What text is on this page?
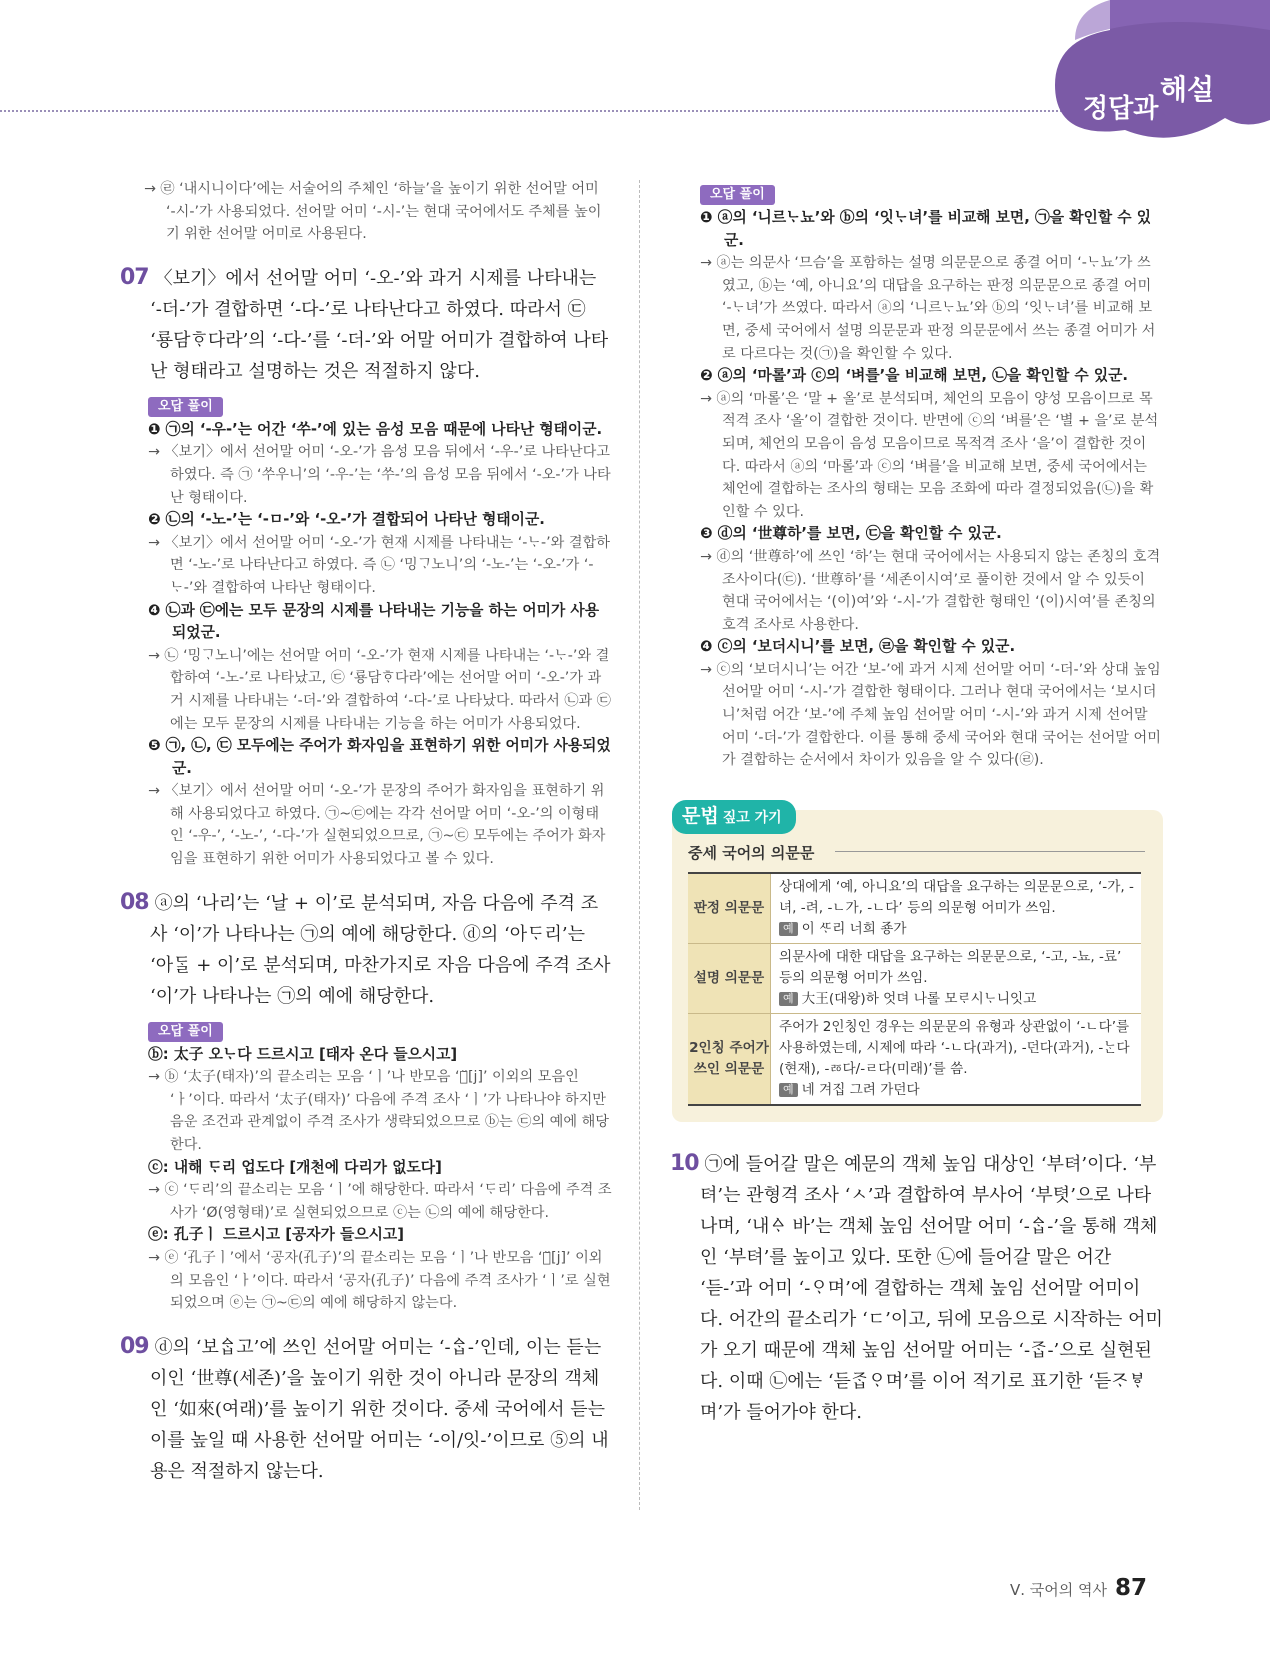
정답과
해설

→ ㉣ ‘내시니이다’에는 서술어의 주체인 ‘하늘’을 높이기 위한 선어말 어미 ‘-시-’가 사용되었다. 선어말 어미 ‘-시-’는 현대 국어에서도 주체를 높이기 위한 선어말 어미로 사용된다.

07 〈보기〉에서 선어말 어미 ‘-오-’와 과거 시제를 나타내는 ‘-더-’가 결합하면 ‘-다-’로 나타난다고 하였다. 따라서 ㉢ ‘룡담ᄒᆞ다라’의 ‘-다-’를 ‘-더-’와 어말 어미가 결합하여 나타난 형태라고 설명하는 것은 적절하지 않다.

오답 풀이

❶ ㉠의 ‘-우-’는 어간 ‘쑤-’에 있는 음성 모음 때문에 나타난 형태이군.

→ 〈보기〉에서 선어말 어미 ‘-오-’가 음성 모음 뒤에서 ‘-우-’로 나타난다고 하였다. 즉 ㉠ ‘쑤우니’의 ‘-우-’는 ‘쑤-’의 음성 모음 뒤에서 ‘-오-’가 나타난 형태이다.

❷ ㉡의 ‘-노-’는 ‘-ㅁ-’와 ‘-오-’가 결합되어 나타난 형태이군.

→ 〈보기〉에서 선어말 어미 ‘-오-’가 현재 시제를 나타내는 ‘-ᄂᆞ-’와 결합하면 ‘-노-’로 나타난다고 하였다. 즉 ㉡ ‘밍ᄀᆞ노니’의 ‘-노-’는 ‘-오-’가 ‘-ᄂᆞ-’와 결합하여 나타난 형태이다.

❹ ㉡과 ㉢에는 모두 문장의 시제를 나타내는 기능을 하는 어미가 사용되었군.

→ ㉡ ‘밍ᄀᆞ노니’에는 선어말 어미 ‘-오-’가 현재 시제를 나타내는 ‘-ᄂᆞ-’와 결합하여 ‘-노-’로 나타났고, ㉢ ‘룡담ᄒᆞ다라’에는 선어말 어미 ‘-오-’가 과거 시제를 나타내는 ‘-더-’와 결합하여 ‘-다-’로 나타났다. 따라서 ㉡과 ㉢에는 모두 문장의 시제를 나타내는 기능을 하는 어미가 사용되었다.

❺ ㉠, ㉡, ㉢ 모두에는 주어가 화자임을 표현하기 위한 어미가 사용되었군.

→ 〈보기〉에서 선어말 어미 ‘-오-’가 문장의 주어가 화자임을 표현하기 위해 사용되었다고 하였다. ㉠~㉢에는 각각 선어말 어미 ‘-오-’의 이형태인 ‘-우-’, ‘-노-’, ‘-다-’가 실현되었으므로, ㉠~㉢ 모두에는 주어가 화자임을 표현하기 위한 어미가 사용되었다고 볼 수 있다.

08 ⓐ의 ‘나리’는 ‘날 + 이’로 분석되며, 자음 다음에 주격 조사 ‘이’가 나타나는 ㉠의 예에 해당한다. ⓓ의 ‘아ᄃᆞ리’는 ‘아ᄃᆞᆯ + 이’로 분석되며, 마찬가지로 자음 다음에 주격 조사 ‘이’가 나타나는 ㉠의 예에 해당한다.

오답 풀이

ⓑ: 太子 오ᄂᆞ다 드르시고 [태자 온다 들으시고]

→ ⓑ ‘太子(태자)’의 끝소리는 모음 ‘ㅣ’나 반모음 ‘ㅣ̆[j]’ 이외의 모음인 ‘ㅏ’이다. 따라서 ‘太子(태자)’ 다음에 주격 조사 ‘ㅣ’가 나타나야 하지만 음운 조건과 관계없이 주격 조사가 생략되었으므로 ⓑ는 ㉢의 예에 해당한다.

ⓒ: 내해 ᄃᆞ리 업도다 [개천에 다리가 없도다]

→ ⓒ ‘ᄃᆞ리’의 끝소리는 모음 ‘ㅣ’에 해당한다. 따라서 ‘ᄃᆞ리’ 다음에 주격 조사가 ‘Ø(영형태)’로 실현되었으므로 ⓒ는 ㉡의 예에 해당한다.

ⓔ: 孔子ㅣ 드르시고 [공자가 들으시고]

→ ⓔ ‘孔子ㅣ’에서 ‘공자(孔子)’의 끝소리는 모음 ‘ㅣ’나 반모음 ‘ㅣ̆[j]’ 이외의 모음인 ‘ㅏ’이다. 따라서 ‘공자(孔子)’ 다음에 주격 조사가 ‘ㅣ’로 실현되었으며 ⓔ는 ㉠~㉢의 예에 해당하지 않는다.

09 ⓓ의 ‘보ᅀᆞᆸ고’에 쓰인 선어말 어미는 ‘-ᅀᆞᆸ-’인데, 이는 듣는 이인 ‘世尊(세존)’을 높이기 위한 것이 아니라 문장의 객체인 ‘如來(여래)’를 높이기 위한 것이다. 중세 국어에서 듣는 이를 높일 때 사용한 선어말 어미는 ‘-이/잇-’이므로 ⑤의 내용은 적절하지 않는다.

오답 풀이

❶ ⓐ의 ‘니르ᄂᆞ뇨’와 ⓑ의 ‘잇ᄂᆞ녀’를 비교해 보면, ㉠을 확인할 수 있군.

→ ⓐ는 의문사 ‘므슴’을 포함하는 설명 의문문으로 종결 어미 ‘-ᄂᆞ뇨’가 쓰였고, ⓑ는 ‘예, 아니요’의 대답을 요구하는 판정 의문문으로 종결 어미 ‘-ᄂᆞ녀’가 쓰였다. 따라서 ⓐ의 ‘니르ᄂᆞ뇨’와 ⓑ의 ‘잇ᄂᆞ녀’를 비교해 보면, 중세 국어에서 설명 의문문과 판정 의문문에서 쓰는 종결 어미가 서로 다르다는 것(㉠)을 확인할 수 있다.

❷ ⓐ의 ‘마롤’과 ⓒ의 ‘벼를’을 비교해 보면, ㉡을 확인할 수 있군.

→ ⓐ의 ‘마롤’은 ‘말 + 올’로 분석되며, 체언의 모음이 양성 모음이므로 목적격 조사 ‘올’이 결합한 것이다. 반면에 ⓒ의 ‘벼를’은 ‘별 + 을’로 분석되며, 체언의 모음이 음성 모음이므로 목적격 조사 ‘을’이 결합한 것이다. 따라서 ⓐ의 ‘마롤’과 ⓒ의 ‘벼를’을 비교해 보면, 중세 국어에서는 체언에 결합하는 조사의 형태는 모음 조화에 따라 결정되었음(㉡)을 확인할 수 있다.

❸ ⓓ의 ‘世尊하’를 보면, ㉢을 확인할 수 있군.

→ ⓓ의 ‘世尊하’에 쓰인 ‘하’는 현대 국어에서는 사용되지 않는 존칭의 호격 조사이다(㉢). ‘世尊하’를 ‘세존이시여’로 풀이한 것에서 알 수 있듯이 현대 국어에서는 ‘(이)여’와 ‘-시-’가 결합한 형태인 ‘(이)시여’를 존칭의 호격 조사로 사용한다.

❹ ⓒ의 ‘보더시니’를 보면, ㉣을 확인할 수 있군.

→ ⓒ의 ‘보더시니’는 어간 ‘보-’에 과거 시제 선어말 어미 ‘-더-’와 상대 높임 선어말 어미 ‘-시-’가 결합한 형태이다. 그러나 현대 국어에서는 ‘보시더니’처럼 어간 ‘보-’에 주체 높임 선어말 어미 ‘-시-’와 과거 시제 선어말 어미 ‘-더-’가 결합한다. 이를 통해 중세 국어와 현대 국어는 선어말 어미가 결합하는 순서에서 차이가 있음을 알 수 있다(㉣).

문법 짚고 가기
중세 국어의 의문문
판정 의문문	상대에게 ‘예, 아니요’의 대답을 요구하는 의문문으로, ‘-가, -녀, -려, -ㄴ가, -ㄴ다’ 등의 의문형 어미가 쓰임.
예 이 ᄯᆞ리 너희 죵가

설명 의문문	의문사에 대한 대답을 요구하는 의문문으로, ‘-고, -뇨, -료’ 등의 의문형 어미가 쓰임.
예 大王(대왕)하 엇뎌 나롤 모ᄅᆞ시ᄂᆞ니잇고

2인칭 주어가 쓰인 의문문	주어가 2인칭인 경우는 의문문의 유형과 상관없이 ‘-ㄴ다’를 사용하였는데, 시제에 따라 ‘-ㄴ다(과거), -던다(과거), -ᄂᆞᆫ다(현재), -ㅭ다/-ㄹ다(미래)’를 씀.
예 네 겨집 그려 가던다

10 ㉠에 들어갈 말은 예문의 객체 높임 대상인 ‘부텨’이다. ‘부텨’는 관형격 조사 ‘ㅅ’과 결합하여 부사어 ‘부텻’으로 나타나며, ‘내ᅀᆞ 바’는 객체 높임 선어말 어미 ‘-ᅀᆞᆸ-’을 통해 객체인 ‘부텨’를 높이고 있다. 또한 ㉡에 들어갈 말은 어간 ‘듣-’과 어미 ‘-ᄋᆞ며’에 결합하는 객체 높임 선어말 어미이다. 어간의 끝소리가 ‘ㄷ’이고, 뒤에 모음으로 시작하는 어미가 오기 때문에 객체 높임 선어말 어미는 ‘-ᄌᆞᆸ-’으로 실현된다. 이때 ㉡에는 ‘듣ᄌᆞᆸᄋᆞ며’를 이어 적기로 표기한 ‘듣ᄌᆞᄫᆞ며’가 들어가야 한다.

Ⅴ. 국어의 역사 87
